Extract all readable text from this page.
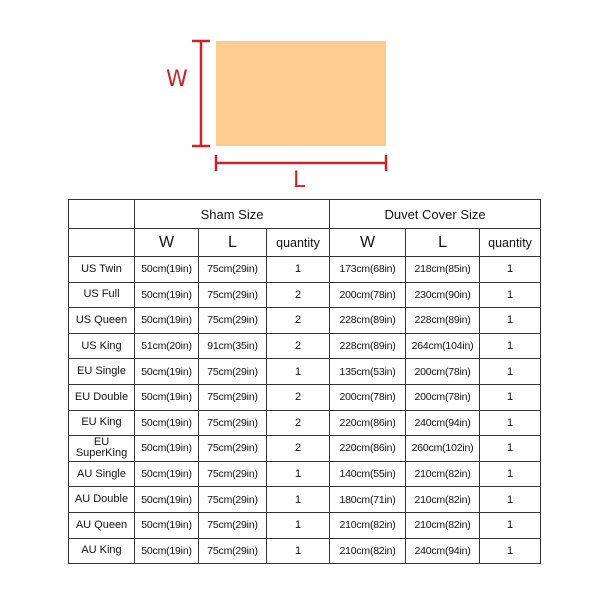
W
L
	Sham Size			Duvet Cover Size		
	W	L	quantity	W	L	quantity
US Twin	50cm(19in)	75cm(29in)	1	173cm(68in)	218cm(85in)	1
US Full	50cm(19in)	75cm(29in)	2	200cm(78in)	230cm(90in)	1
US Queen	50cm(19in)	75cm(29in)	2	228cm(89in)	228cm(89in)	1
US King	51cm(20in)	91cm(35in)	2	228cm(89in)	264cm(104in)	1
EU Single	50cm(19in)	75cm(29in)	1	135cm(53in)	200cm(78in)	1
EU Double	50cm(19in)	75cm(29in)	2	200cm(78in)	200cm(78in)	1
EU King	50cm(19in)	75cm(29in)	2	220cm(86in)	240cm(94in)	1
EU SuperKing	50cm(19in)	75cm(29in)	2	220cm(86in)	260cm(102in)	1
AU Single	50cm(19in)	75cm(29in)	1	140cm(55in)	210cm(82in)	1
AU Double	50cm(19in)	75cm(29in)	1	180cm(71in)	210cm(82in)	1
AU Queen	50cm(19in)	75cm(29in)	1	210cm(82in)	210cm(82in)	1
AU King	50cm(19in)	75cm(29in)	1	210cm(82in)	240cm(94in)	1
